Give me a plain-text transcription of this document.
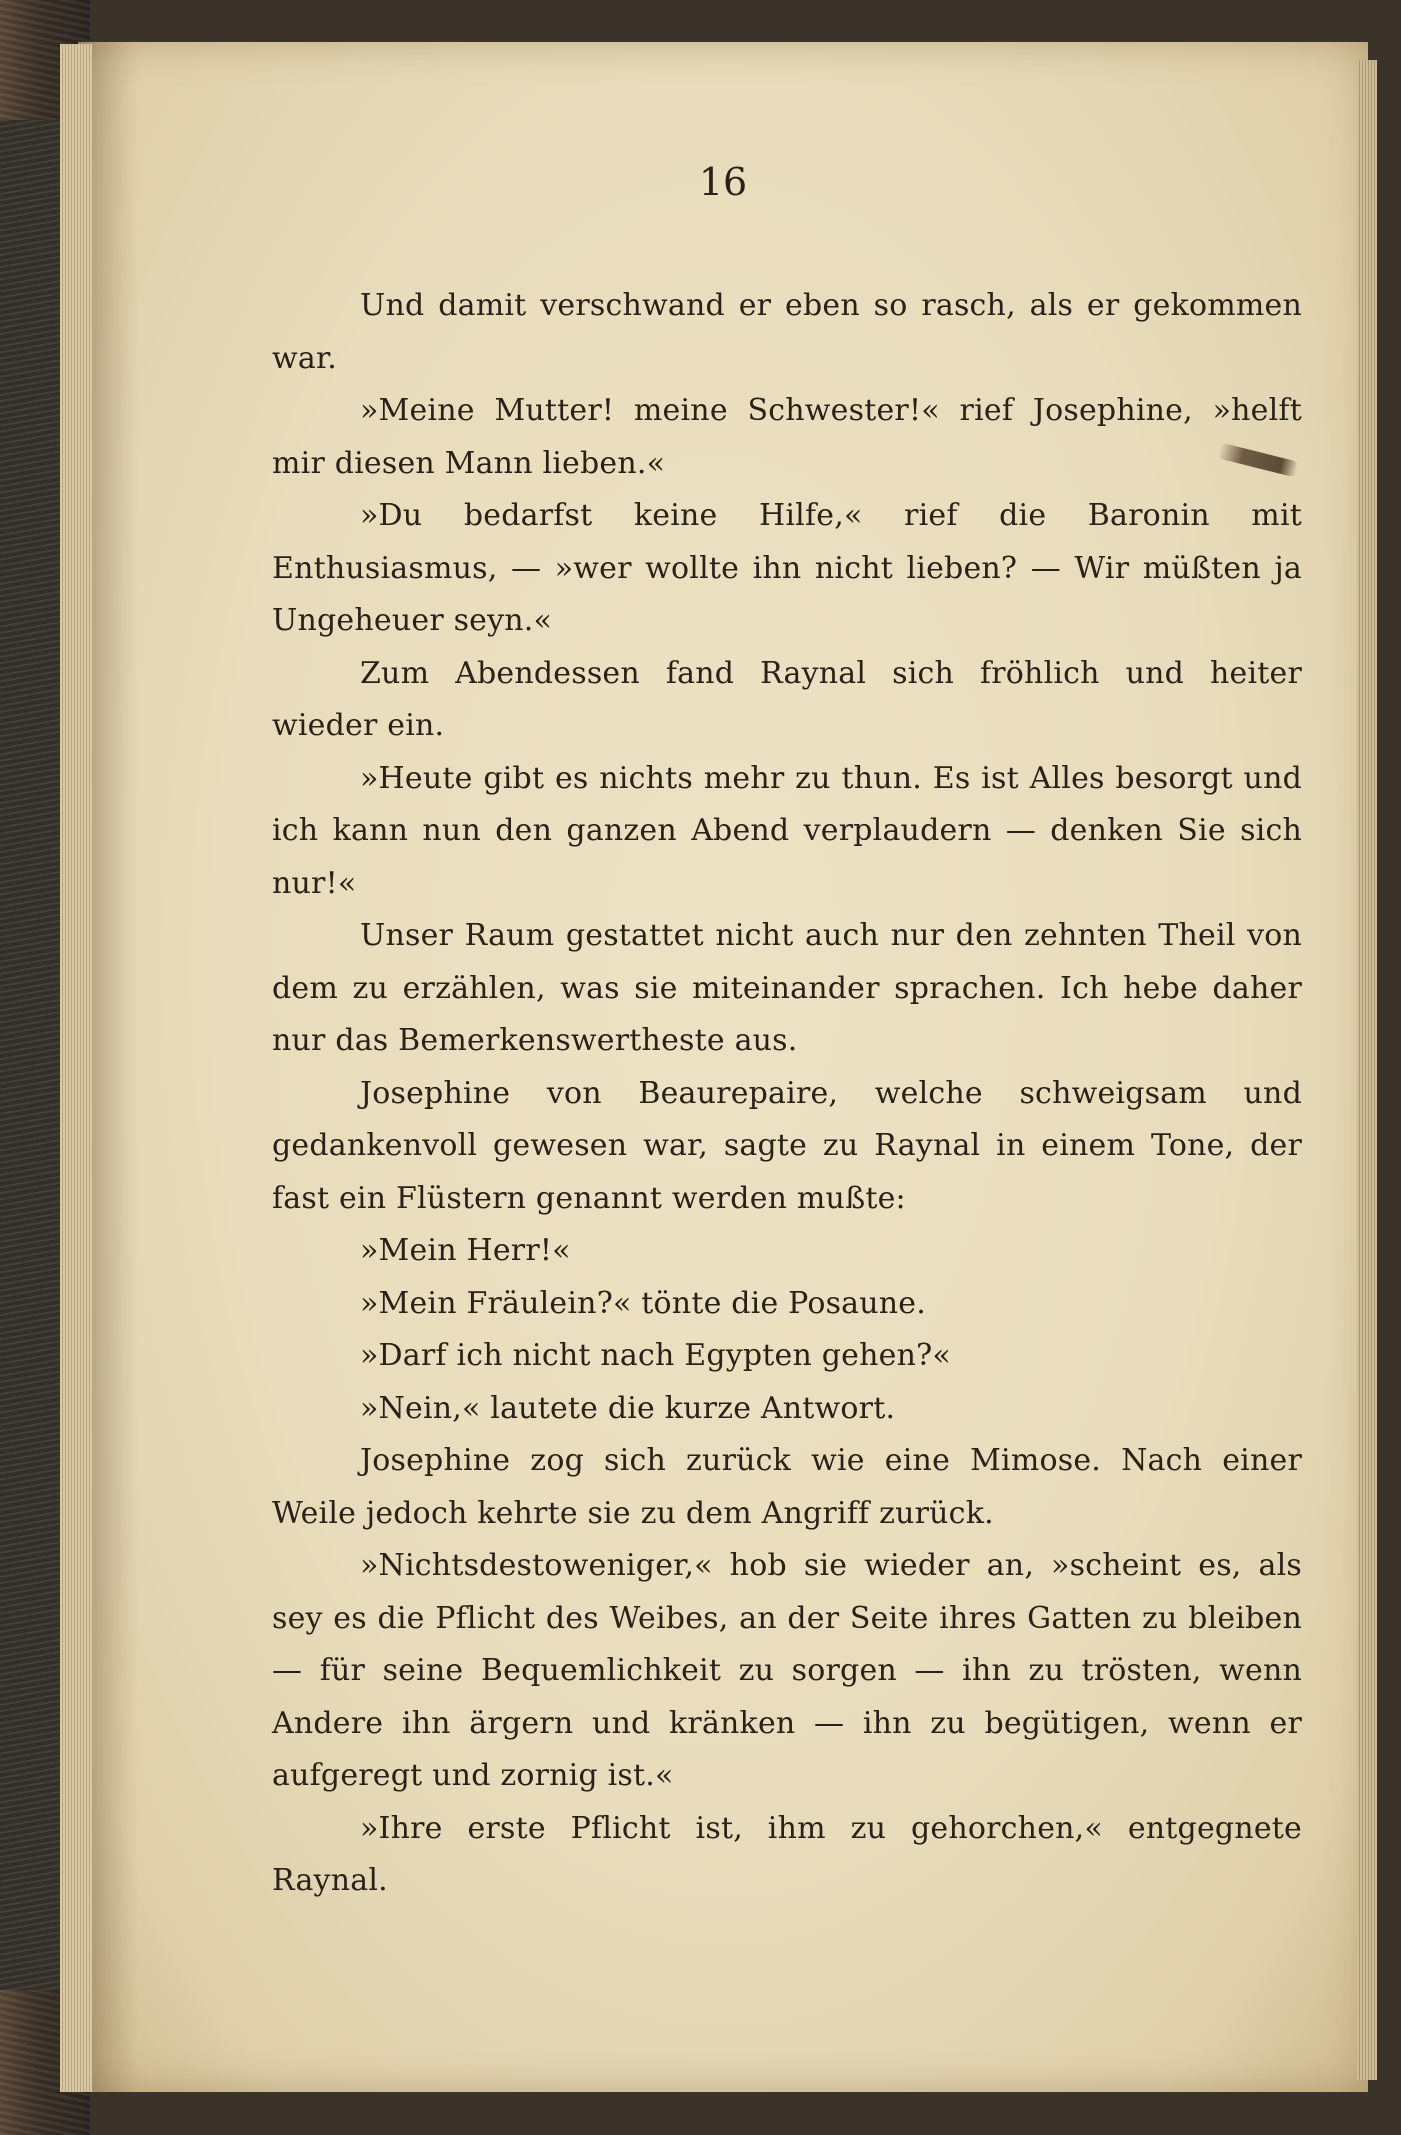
16

Und damit verschwand er eben so rasch, als er gekommen war.

»Meine Mutter! meine Schwester!« rief Josephine, »helft mir diesen Mann lieben.«

»Du bedarfst keine Hilfe,« rief die Baronin mit Enthusiasmus, — »wer wollte ihn nicht lieben? — Wir müßten ja Ungeheuer seyn.«

Zum Abendessen fand Raynal sich fröhlich und heiter wieder ein.

»Heute gibt es nichts mehr zu thun. Es ist Alles besorgt und ich kann nun den ganzen Abend verplaudern — denken Sie sich nur!«

Unser Raum gestattet nicht auch nur den zehnten Theil von dem zu erzählen, was sie miteinander sprachen. Ich hebe daher nur das Bemerkenswertheste aus.

Josephine von Beaurepaire, welche schweigsam und gedankenvoll gewesen war, sagte zu Raynal in einem Tone, der fast ein Flüstern genannt werden mußte:

»Mein Herr!«

»Mein Fräulein?« tönte die Posaune.

»Darf ich nicht nach Egypten gehen?«

»Nein,« lautete die kurze Antwort.

Josephine zog sich zurück wie eine Mimose. Nach einer Weile jedoch kehrte sie zu dem Angriff zurück.

»Nichtsdestoweniger,« hob sie wieder an, »scheint es, als sey es die Pflicht des Weibes, an der Seite ihres Gatten zu bleiben — für seine Bequemlichkeit zu sorgen — ihn zu trösten, wenn Andere ihn ärgern und kränken — ihn zu begütigen, wenn er aufgeregt und zornig ist.«

»Ihre erste Pflicht ist, ihm zu gehorchen,« entgegnete Raynal.
